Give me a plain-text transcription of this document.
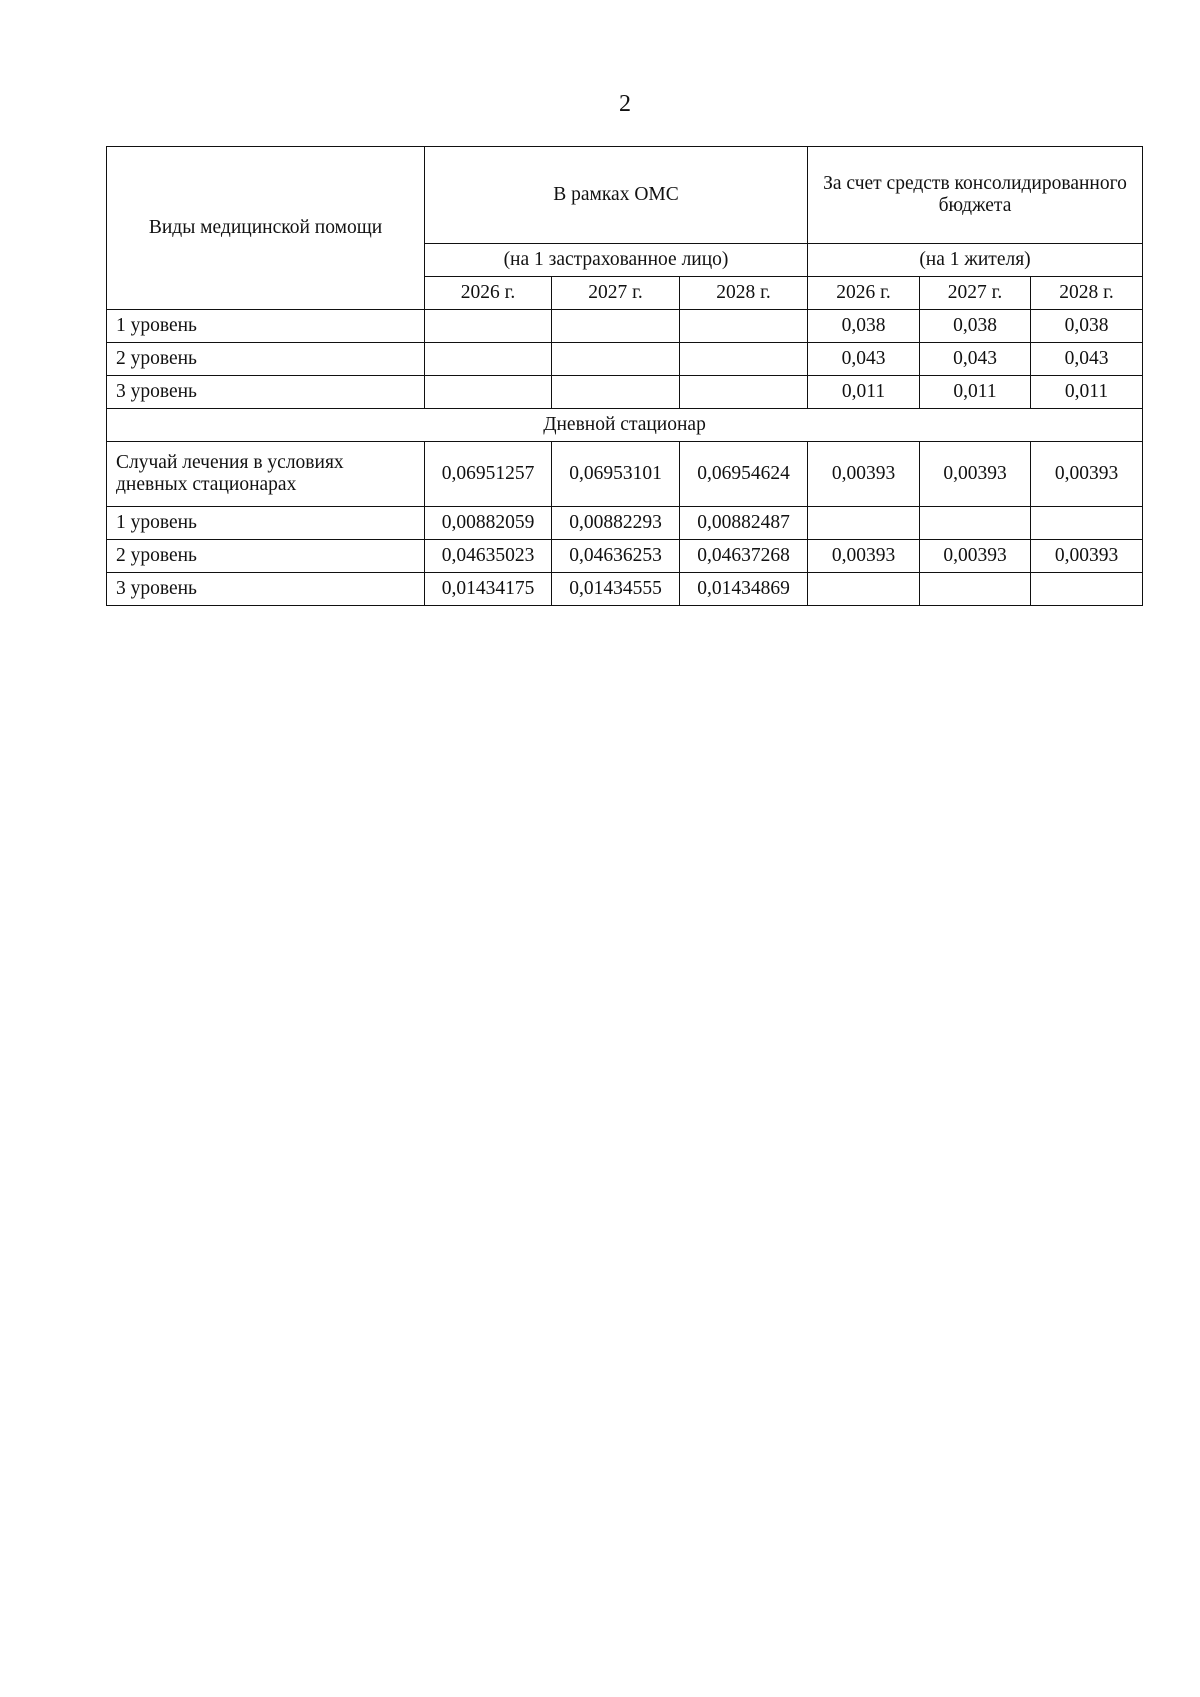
2
Виды медицинской помощи	В рамках ОМС			За счет средств консолидированного бюджета		
	(на 1 застрахованное лицо)			(на 1 жителя)		
	2026 г.	2027 г.	2028 г.	2026 г.	2027 г.	2028 г.
1 уровень				0,038	0,038	0,038
2 уровень				0,043	0,043	0,043
3 уровень				0,011	0,011	0,011
Дневной стационар						
Случай лечения в условиях дневных стационарах	0,06951257	0,06953101	0,06954624	0,00393	0,00393	0,00393
1 уровень	0,00882059	0,00882293	0,00882487			
2 уровень	0,04635023	0,04636253	0,04637268	0,00393	0,00393	0,00393
3 уровень	0,01434175	0,01434555	0,01434869			
